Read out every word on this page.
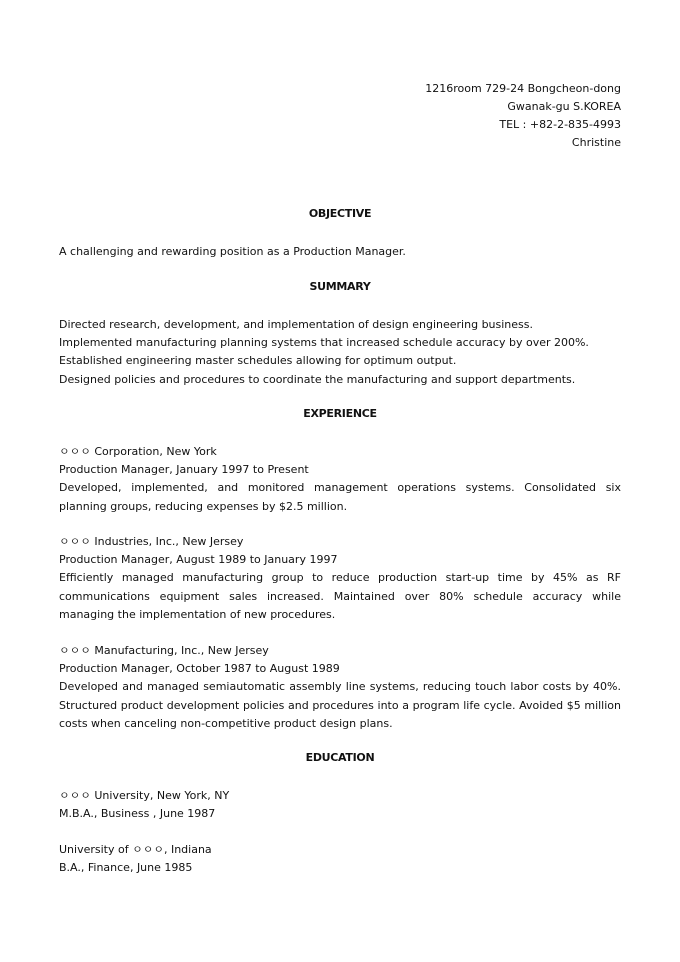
1216room 729-24 Bongcheon-dong
Gwanak-gu S.KOREA
TEL : +82-2-835-4993
Christine
OBJECTIVE
A challenging and rewarding position as a Production Manager.
SUMMARY
Directed research, development, and implementation of design engineering business.
Implemented manufacturing planning systems that increased schedule accuracy by over 200%.
Established engineering master schedules allowing for optimum output.
Designed policies and procedures to coordinate the manufacturing and support departments.
EXPERIENCE
ㅇㅇㅇ Corporation, New York
Production Manager, January 1997 to Present
Developed, implemented, and monitored management operations systems. Consolidated six planning groups, reducing expenses by $2.5 million.
ㅇㅇㅇ Industries, Inc., New Jersey
Production Manager, August 1989 to January 1997
Efficiently managed manufacturing group to reduce production start-up time by 45% as RF communications equipment sales increased. Maintained over 80% schedule accuracy while managing the implementation of new procedures.
ㅇㅇㅇ Manufacturing, Inc., New Jersey
Production Manager, October 1987 to August 1989
Developed and managed semiautomatic assembly line systems, reducing touch labor costs by 40%. Structured product development policies and procedures into a program life cycle. Avoided $5 million costs when canceling non-competitive product design plans.
EDUCATION
ㅇㅇㅇ University, New York, NY
M.B.A., Business , June 1987
University of ㅇㅇㅇ, Indiana
B.A., Finance, June 1985
